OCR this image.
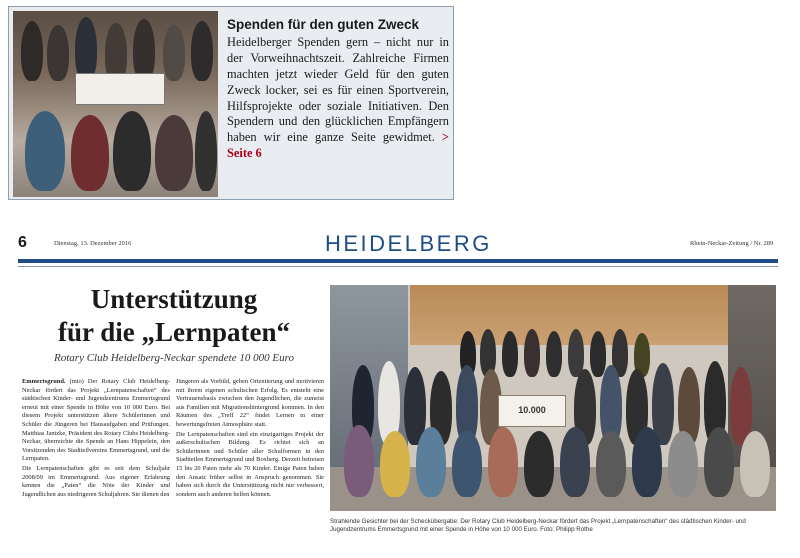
Spenden für den guten Zweck
Heidelberger Spenden gern – nicht nur in der Vorweihnachtszeit. Zahlreiche Firmen machten jetzt wieder Geld für den guten Zweck locker, sei es für einen Sportverein, Hilfsprojekte oder soziale Initiativen. Den Spendern und den glücklichen Empfängern haben wir eine ganze Seite gewidmet. > Seite 6
6	Dienstag, 13. Dezember 2016	HEIDELBERG	Rhein-Neckar-Zeitung / Nr. 289
Unterstützung
für die „Lernpaten“
Rotary Club Heidelberg-Neckar spendete 10 000 Euro

Emmertsgrund. (mio) Der Rotary Club Heidelberg-Neckar fördert das Projekt „Lernpatenschaften“ des städtischen Kinder- und Jugendzentrums Emmertsgrund erneut mit einer Spende in Höhe von 10 000 Euro. Bei diesem Projekt unterstützen ältere Schülerinnen und Schüler die Jüngeren bei Hausaufgaben und Prüfungen. Matthias Jantzke, Präsident des Rotary Clubs Heidelberg-Neckar, überreichte die Spende an Hans Hippelein, den Vorsitzenden des Stadtteilvereins Emmertsgrund, und die Lernpaten.

Die Lernpatenschaften gibt es seit dem Schuljahr 2008/09 im Emmertsgrund. Aus eigener Erfahrung kennen die „Paten“ die Nöte der Kinder und Jugendlichen aus niedrigeren Schuljahren. Sie dienen den

Jüngeren als Vorbild, geben Orientierung und motivieren mit ihrem eigenen schulischen Erfolg. Es entsteht eine Vertrauensbasis zwischen den Jugendlichen, die zumeist aus Familien mit Migrationshintergrund kommen. In den Räumen des „Treff 22“ findet Lernen in einer bewertungsfreien Atmosphäre statt.

Die Lernpatenschaften sind ein einzigartiges Projekt der außerschulischen Bildung. Es richtet sich an Schülerinnen und Schüler aller Schulformen in den Stadtteilen Emmertsgrund und Boxberg. Derzeit betreuen 15 bis 20 Paten mehr als 70 Kinder. Einige Paten haben den Ansatz früher selbst in Anspruch genommen. Sie haben sich durch die Unterstützung nicht nur verbessert, sondern auch anderen helfen können.

10.000
Strahlende Gesichter bei der Scheckübergabe: Der Rotary Club Heidelberg-Neckar fördert das Projekt „Lernpatenschaften“ des städtischen Kinder- und Jugendzentrums Emmertsgrund mit einer Spende in Höhe von 10 000 Euro. Foto: Philipp Rothe
